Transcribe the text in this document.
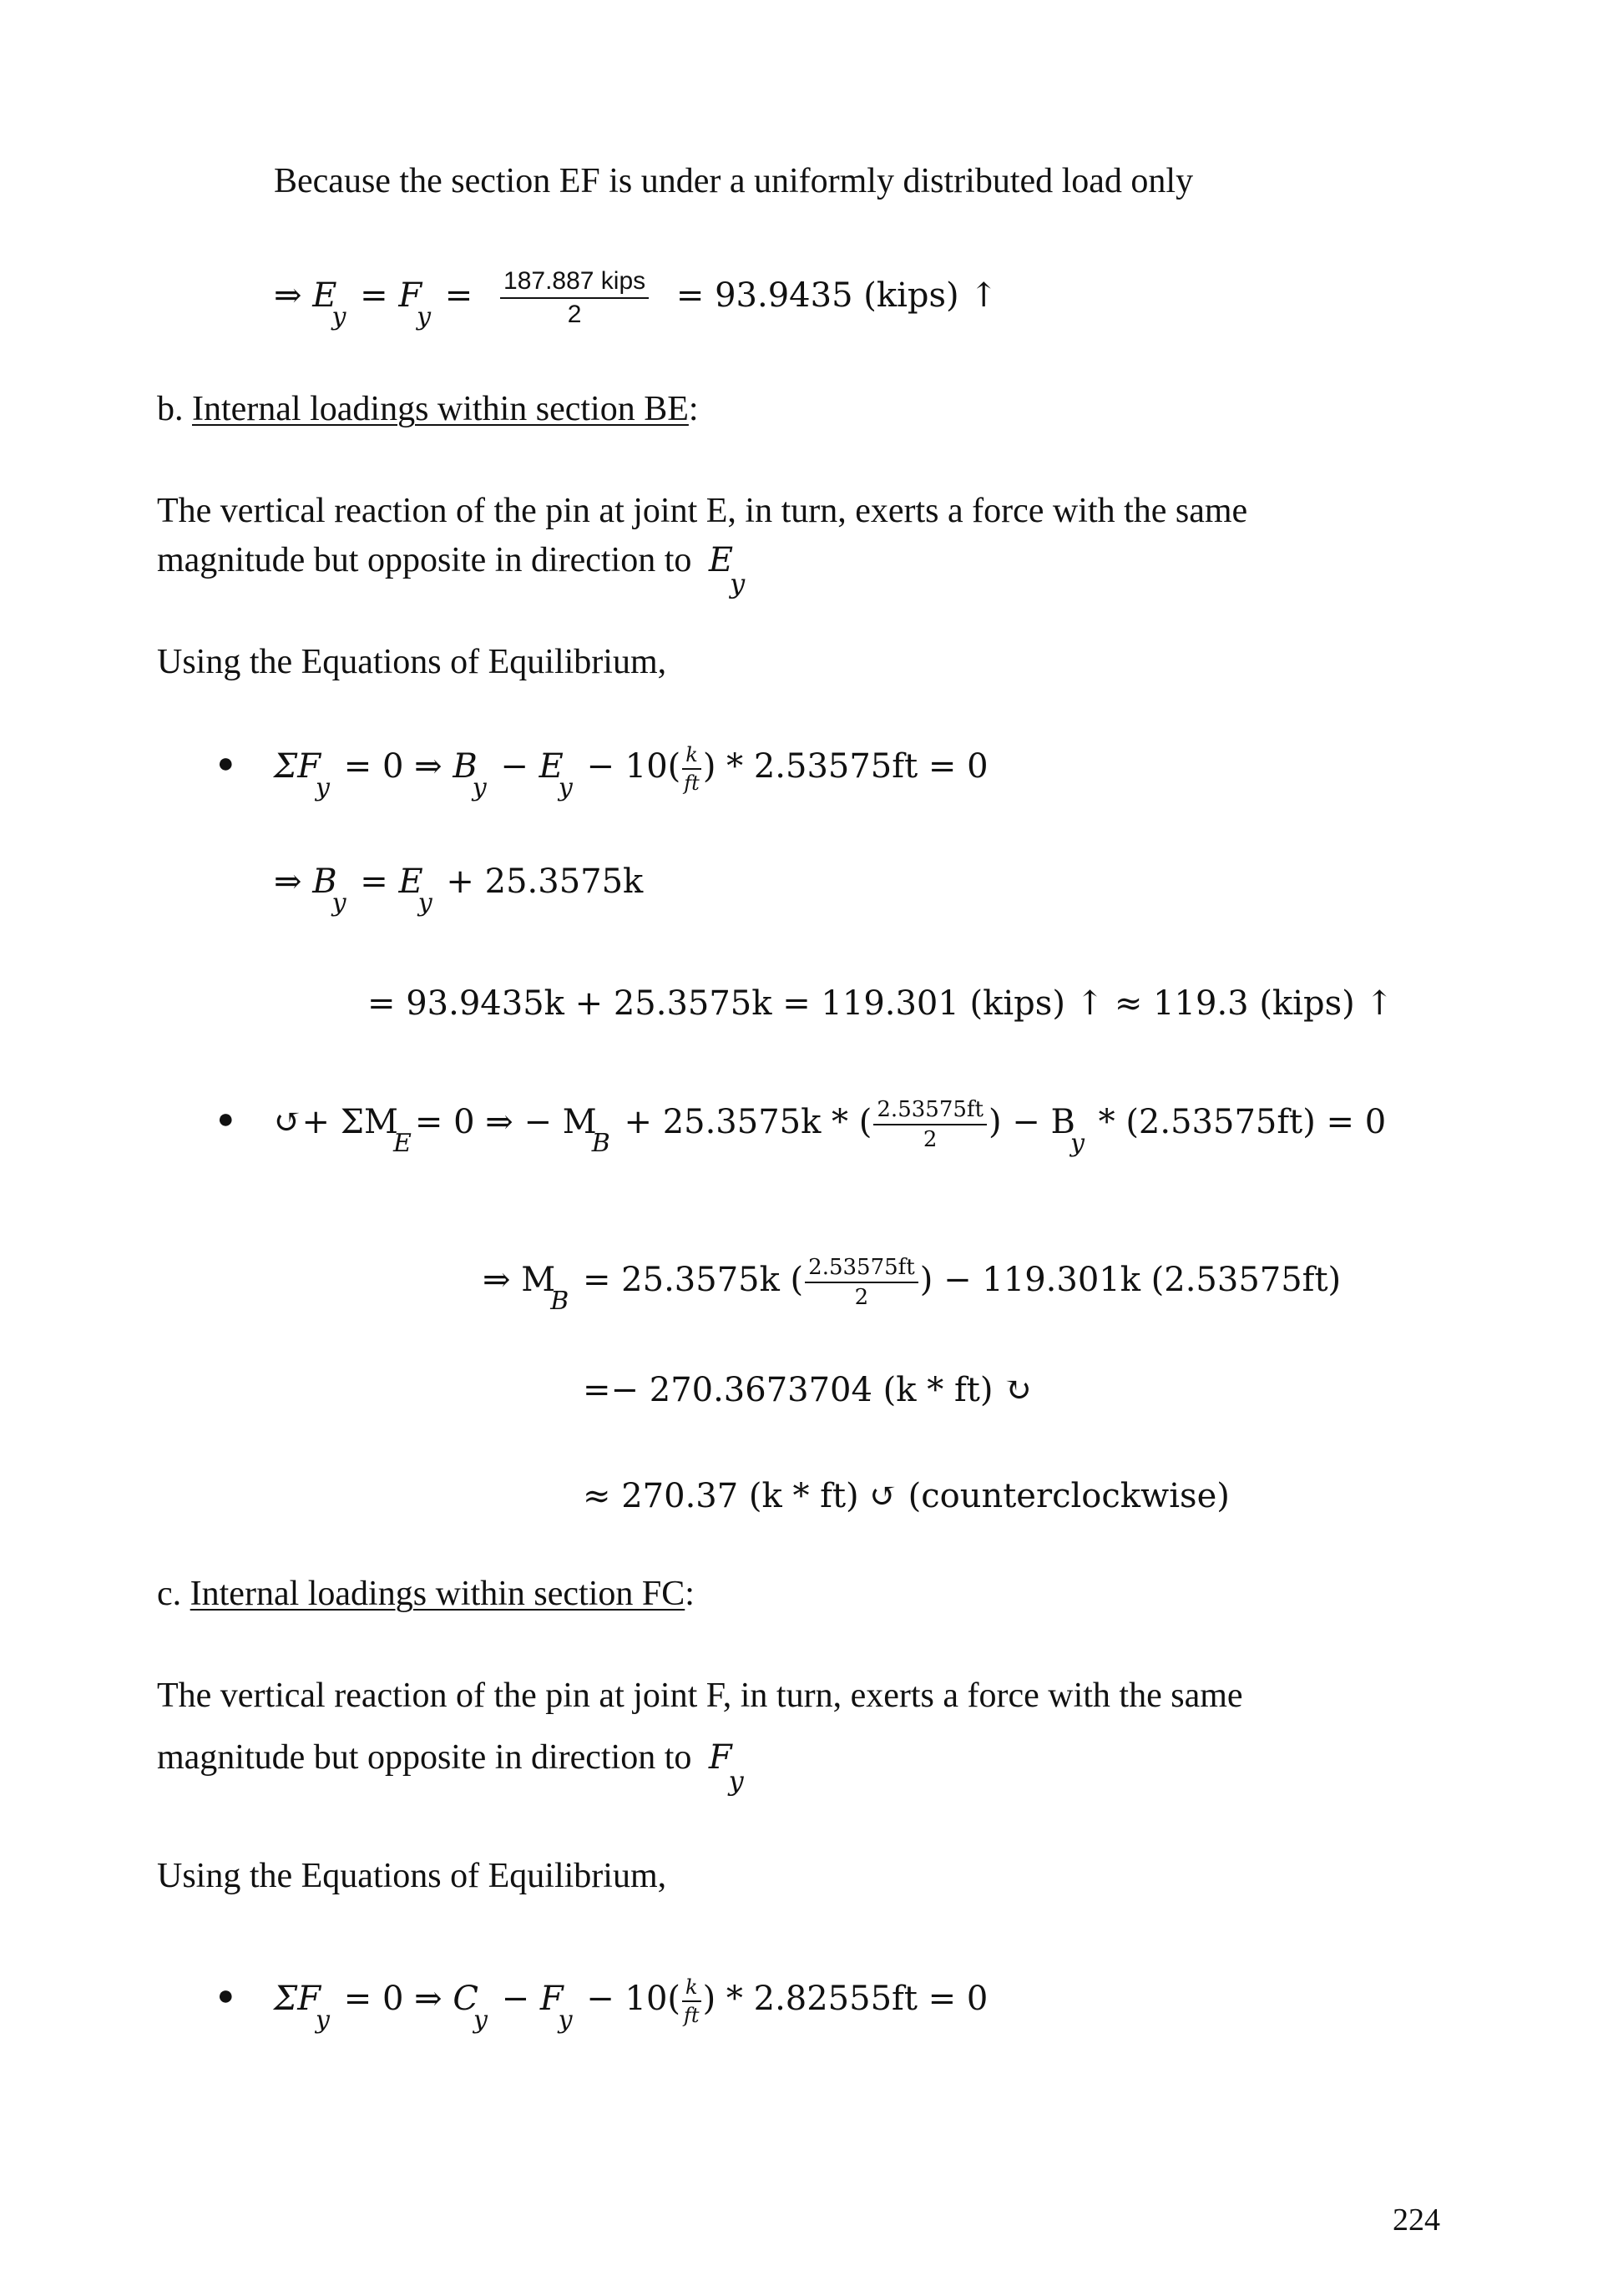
Because the section EF is under a uniformly distributed load only
⇒ $E_y = F_y = \frac{\text{187.887 kips}}{2} = 93.9435$ (kips) ↑
b. Internal loadings within section BE:
The vertical reaction of the pin at joint E, in turn, exerts a force with the same
magnitude but opposite in direction to Ey
Using the Equations of Equilibrium,
● $\Sigma F_y = 0$ ⇒ $B_y - E_y - 10( \frac{k}{ft}$ ) * 2.53575ft = 0
⇒ $B_y = E_y + 25.3575k$
= 93.9435k + 25.3575k = 119.301 (kips) ↑ ≈ 119.3 (kips) ↑
● ↺+ $\Sigma M_E= 0$ ⇒ − $M_B + 25.3575k$ * ( $\frac{2.53575ft}{2}$ ) − $B_y * (2.53575ft) = 0$
⇒ $M_B = 25.3575k$ ( $\frac{2.53575ft}{2}$ ) − 119.301k (2.53575ft)
=− 270.3673704 (k * ft) ↻
≈ 270.37 (k * ft) ↺ (counterclockwise)
c. Internal loadings within section FC:
The vertical reaction of the pin at joint F, in turn, exerts a force with the same
magnitude but opposite in direction to Fy
Using the Equations of Equilibrium,
● $\Sigma F_y = 0$ ⇒ $C_y - F_y - 10( \frac{k}{ft}$ ) * 2.82555ft = 0
224
